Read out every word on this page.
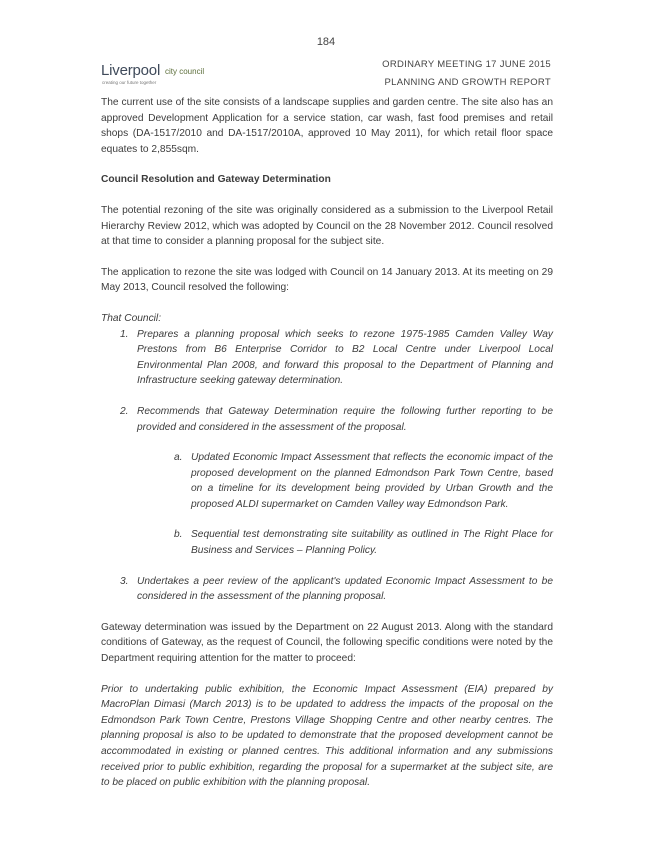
184
Liverpool city council
creating our future together
ORDINARY MEETING 17 JUNE 2015
PLANNING AND GROWTH REPORT

The current use of the site consists of a landscape supplies and garden centre. The site also has an approved Development Application for a service station, car wash, fast food premises and retail shops (DA-1517/2010 and DA-1517/2010A, approved 10 May 2011), for which retail floor space equates to 2,855sqm.

Council Resolution and Gateway Determination

The potential rezoning of the site was originally considered as a submission to the Liverpool Retail Hierarchy Review 2012, which was adopted by Council on the 28 November 2012. Council resolved at that time to consider a planning proposal for the subject site.

The application to rezone the site was lodged with Council on 14 January 2013. At its meeting on 29 May 2013, Council resolved the following:

That Council:
1. Prepares a planning proposal which seeks to rezone 1975-1985 Camden Valley Way Prestons from B6 Enterprise Corridor to B2 Local Centre under Liverpool Local Environmental Plan 2008, and forward this proposal to the Department of Planning and Infrastructure seeking gateway determination.
2. Recommends that Gateway Determination require the following further reporting to be provided and considered in the assessment of the proposal.
a. Updated Economic Impact Assessment that reflects the economic impact of the proposed development on the planned Edmondson Park Town Centre, based on a timeline for its development being provided by Urban Growth and the proposed ALDI supermarket on Camden Valley way Edmondson Park.
b. Sequential test demonstrating site suitability as outlined in The Right Place for Business and Services – Planning Policy.
3. Undertakes a peer review of the applicant's updated Economic Impact Assessment to be considered in the assessment of the planning proposal.

Gateway determination was issued by the Department on 22 August 2013. Along with the standard conditions of Gateway, as the request of Council, the following specific conditions were noted by the Department requiring attention for the matter to proceed:

Prior to undertaking public exhibition, the Economic Impact Assessment (EIA) prepared by MacroPlan Dimasi (March 2013) is to be updated to address the impacts of the proposal on the Edmondson Park Town Centre, Prestons Village Shopping Centre and other nearby centres. The planning proposal is also to be updated to demonstrate that the proposed development cannot be accommodated in existing or planned centres. This additional information and any submissions received prior to public exhibition, regarding the proposal for a supermarket at the subject site, are to be placed on public exhibition with the planning proposal.
